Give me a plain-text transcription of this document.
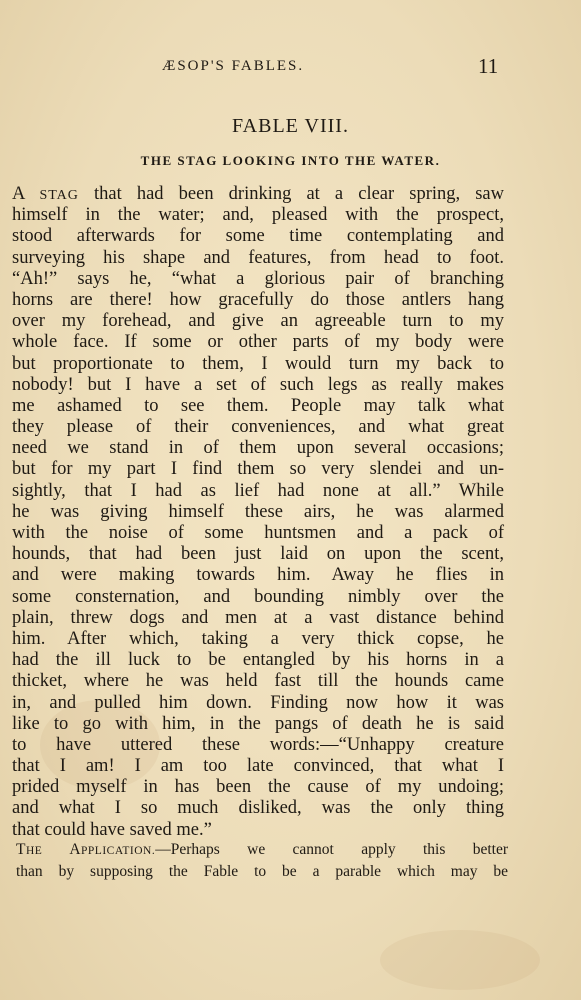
ÆSOP'S FABLES.	11
FABLE VIII.
THE STAG LOOKING INTO THE WATER.
A STAG that had been drinking at a clear spring, saw
himself in the water; and, pleased with the prospect,
stood afterwards for some time contemplating and
surveying his shape and features, from head to foot.
“Ah!” says he, “what a glorious pair of branching
horns are there! how gracefully do those antlers hang
over my forehead, and give an agreeable turn to my
whole face. If some or other parts of my body were
but proportionate to them, I would turn my back to
nobody! but I have a set of such legs as really makes
me ashamed to see them. People may talk what
they please of their conveniences, and what great
need we stand in of them upon several occasions;
but for my part I find them so very slendei and un-
sightly, that I had as lief had none at all.” While
he was giving himself these airs, he was alarmed
with the noise of some huntsmen and a pack of
hounds, that had been just laid on upon the scent,
and were making towards him. Away he flies in
some consternation, and bounding nimbly over the
plain, threw dogs and men at a vast distance behind
him. After which, taking a very thick copse, he
had the ill luck to be entangled by his horns in a
thicket, where he was held fast till the hounds came
in, and pulled him down. Finding now how it was
like to go with him, in the pangs of death he is said
to have uttered these words:—“Unhappy creature
that I am! I am too late convinced, that what I
prided myself in has been the cause of my undoing;
and what I so much disliked, was the only thing
that could have saved me.”
THE APPLICATION.—Perhaps we cannot apply this better
than by supposing the Fable to be a parable which may be
